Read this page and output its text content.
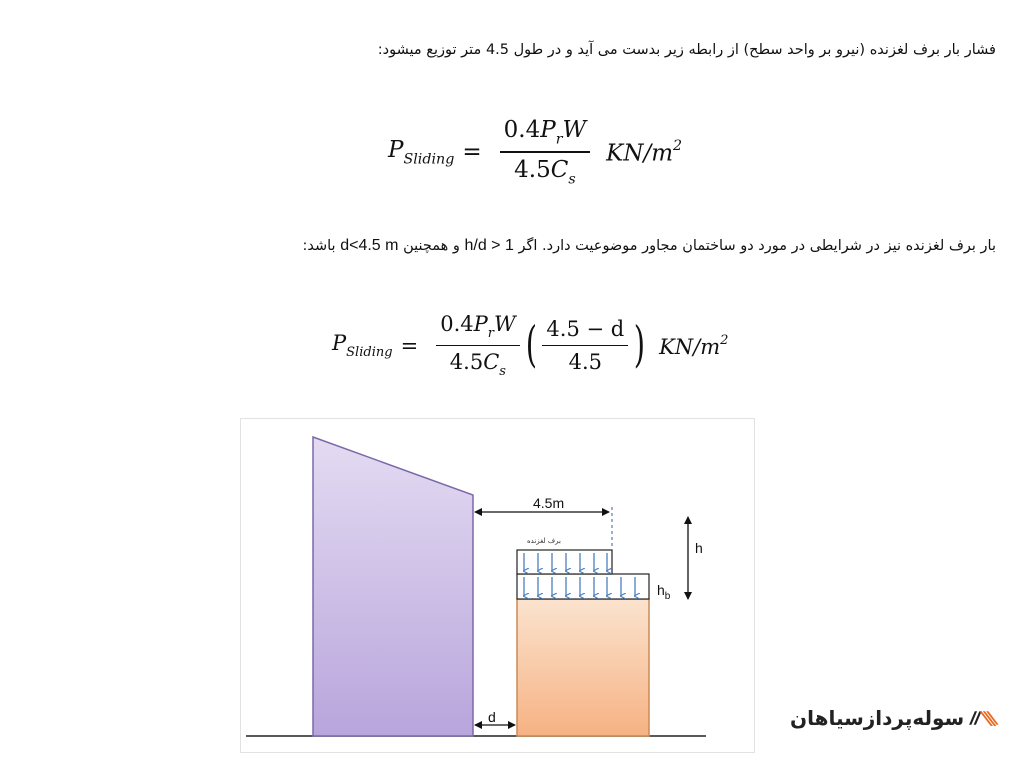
فشار بار برف لغزنده (نیرو بر واحد سطح) از رابطه زیر بدست می آید و در طول 4.5 متر توزیع میشود:
$P_{Sliding} = \frac{0.4P_rW}{4.5C_s} KN/m^2$
بار برف لغزنده نیز در شرایطی در مورد دو ساختمان مجاور موضوعیت دارد. اگر h/d > 1 و همچنین d<4.5 m باشد:
$P_{Sliding} = \frac{0.4P_rW}{4.5C_s}$ ( $\frac{4.5 - d}{4.5}$ ) $KN/m^2$
4.5m
h
$h_b$
d
برف لغزنده
سوله‌پردازسیاهان
